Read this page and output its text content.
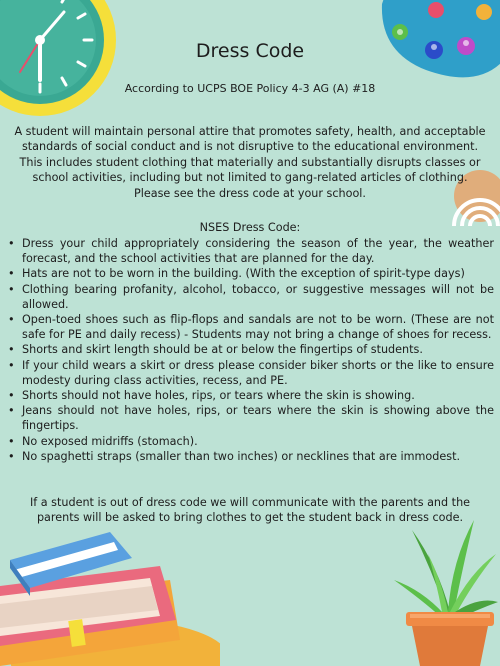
Dress Code
According to UCPS BOE Policy 4-3 AG (A) #18
A student will maintain personal attire that promotes safety, health, and acceptable standards of social conduct and is not disruptive to the educational environment. This includes student clothing that materially and substantially disrupts classes or school activities, including but not limited to gang-related articles of clothing. Please see the dress code at your school.
NSES Dress Code:
• Dress your child appropriately considering the season of the year, the weather forecast, and the school activities that are planned for the day.
• Hats are not to be worn in the building. (With the exception of spirit-type days)
• Clothing bearing profanity, alcohol, tobacco, or suggestive messages will not be allowed.
• Open-toed shoes such as flip-flops and sandals are not to be worn. (These are not safe for PE and daily recess) - Students may not bring a change of shoes for recess.
• Shorts and skirt length should be at or below the fingertips of students.
• If your child wears a skirt or dress please consider biker shorts or the like to ensure modesty during class activities, recess, and PE.
• Shorts should not have holes, rips, or tears where the skin is showing.
• Jeans should not have holes, rips, or tears where the skin is showing above the fingertips.
• No exposed midriffs (stomach).
• No spaghetti straps (smaller than two inches) or necklines that are immodest.
If a student is out of dress code we will communicate with the parents and the parents will be asked to bring clothes to get the student back in dress code.
